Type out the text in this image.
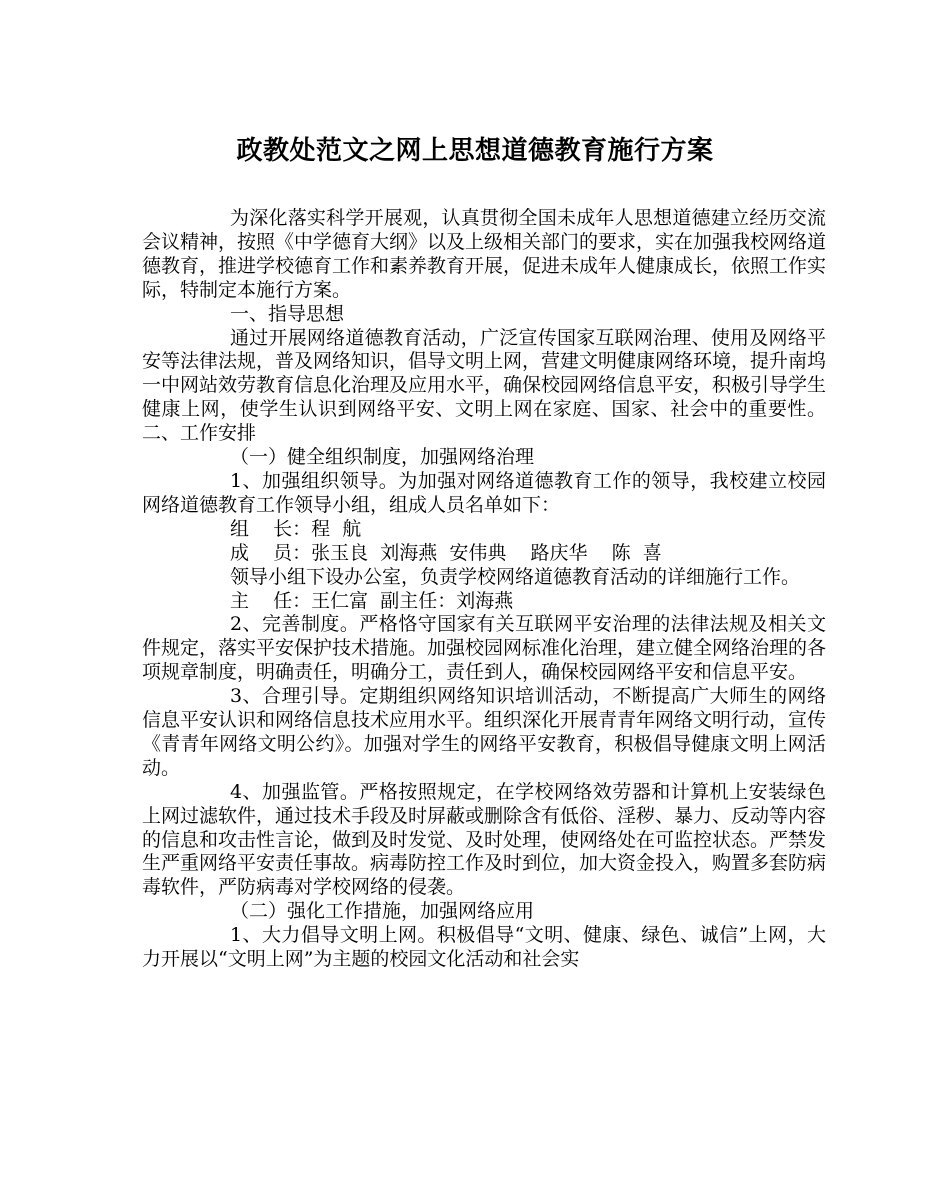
政教处范文之网上思想道德教育施行方案

为深化落实科学开展观，认真贯彻全国未成年人思想道德建立经历交流会议精神，按照《中学德育大纲》以及上级相关部门的要求，实在加强我校网络道德教育，推进学校德育工作和素养教育开展，促进未成年人健康成长，依照工作实际，特制定本施行方案。

一、指导思想

通过开展网络道德教育活动，广泛宣传国家互联网治理、使用及网络平安等法律法规，普及网络知识，倡导文明上网，营建文明健康网络环境，提升南坞一中网站效劳教育信息化治理及应用水平，确保校园网络信息平安，积极引导学生健康上网，使学生认识到网络平安、文明上网在家庭、国家、社会中的重要性。 二、工作安排

（一）健全组织制度，加强网络治理

1、加强组织领导。为加强对网络道德教育工作的领导，我校建立校园网络道德教育工作领导小组，组成人员名单如下：

组    长：程  航

成    员：张玉良  刘海燕  安伟典    路庆华    陈  喜

领导小组下设办公室，负责学校网络道德教育活动的详细施行工作。

主    任：王仁富  副主任：刘海燕

2、完善制度。严格恪守国家有关互联网平安治理的法律法规及相关文件规定，落实平安保护技术措施。加强校园网标准化治理，建立健全网络治理的各项规章制度，明确责任，明确分工，责任到人，确保校园网络平安和信息平安。

3、合理引导。定期组织网络知识培训活动，不断提高广大师生的网络信息平安认识和网络信息技术应用水平。组织深化开展青青年网络文明行动，宣传《青青年网络文明公约》。加强对学生的网络平安教育，积极倡导健康文明上网活动。

4、加强监管。严格按照规定，在学校网络效劳器和计算机上安装绿色上网过滤软件，通过技术手段及时屏蔽或删除含有低俗、淫秽、暴力、反动等内容的信息和攻击性言论，做到及时发觉、及时处理，使网络处在可监控状态。严禁发生严重网络平安责任事故。病毒防控工作及时到位，加大资金投入，购置多套防病毒软件，严防病毒对学校网络的侵袭。

（二）强化工作措施，加强网络应用

1、大力倡导文明上网。积极倡导“文明、健康、绿色、诚信”上网，大力开展以“文明上网”为主题的校园文化活动和社会实
